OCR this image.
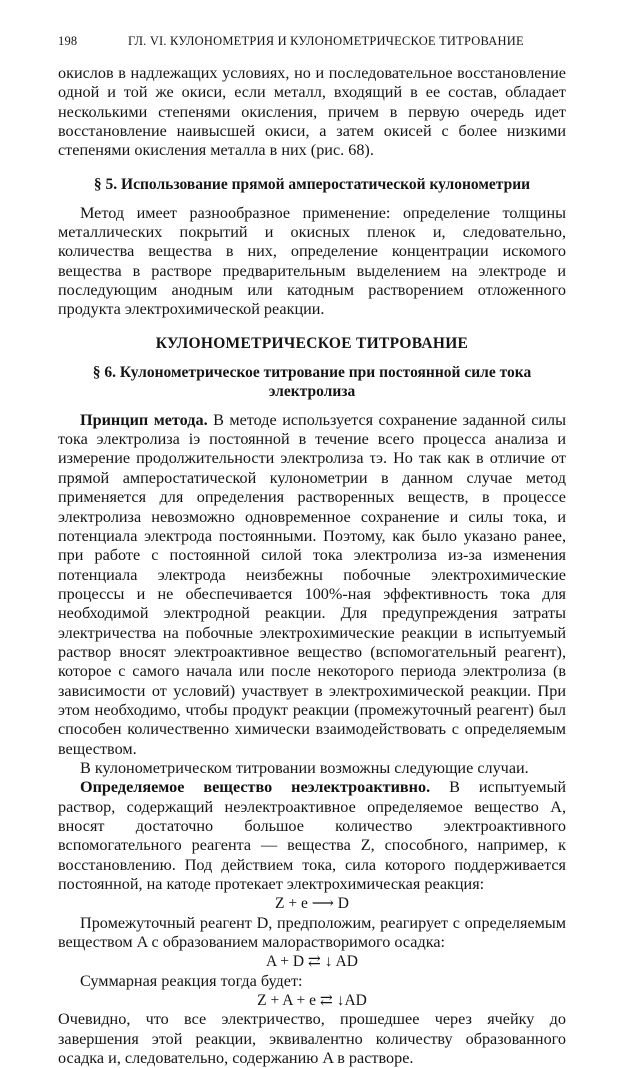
198	ГЛ. VI. КУЛОНОМЕТРИЯ И КУЛОНОМЕТРИЧЕСКОЕ ТИТРОВАНИЕ

окислов в надлежащих условиях, но и последовательное восстановление одной и той же окиси, если металл, входящий в ее состав, обладает несколькими степенями окисления, причем в первую очередь идет восстановление наивысшей окиси, а затем окисей с более низкими степенями окисления металла в них (рис. 68).

§ 5. Использование прямой амперостатической кулонометрии

Метод имеет разнообразное применение: определение толщины металлических покрытий и окисных пленок и, следовательно, количества вещества в них, определение концентрации искомого вещества в растворе предварительным выделением на электроде и последующим анодным или катодным растворением отложенного продукта электрохимической реакции.

КУЛОНОМЕТРИЧЕСКОЕ ТИТРОВАНИЕ

§ 6. Кулонометрическое титрование при постоянной силе тока электролиза

Принцип метода. В методе используется сохранение заданной силы тока электролиза iэ постоянной в течение всего процесса анализа и измерение продолжительности электролиза τэ. Но так как в отличие от прямой амперостатической кулонометрии в данном случае метод применяется для определения растворенных веществ, в процессе электролиза невозможно одновременное сохранение и силы тока, и потенциала электрода постоянными. Поэтому, как было указано ранее, при работе с постоянной силой тока электролиза из-за изменения потенциала электрода неизбежны побочные электрохимические процессы и не обеспечивается 100%-ная эффективность тока для необходимой электродной реакции. Для предупреждения затраты электричества на побочные электрохимические реакции в испытуемый раствор вносят электроактивное вещество (вспомогательный реагент), которое с самого начала или после некоторого периода электролиза (в зависимости от условий) участвует в электрохимической реакции. При этом необходимо, чтобы продукт реакции (промежуточный реагент) был способен количественно химически взаимодействовать с определяемым веществом.

В кулонометрическом титровании возможны следующие случаи.

Определяемое вещество неэлектроактивно. В испытуемый раствор, содержащий неэлектроактивное определяемое вещество A, вносят достаточно большое количество электроактивного вспомогательного реагента — вещества Z, способного, например, к восстановлению. Под действием тока, сила которого поддерживается постоянной, на катоде протекает электрохимическая реакция:

Z + e ⟶ D

Промежуточный реагент D, предположим, реагирует с определяемым веществом A с образованием малорастворимого осадка:

A + D ⇄ ↓ AD

Суммарная реакция тогда будет:

Z + A + e ⇄ ↓AD

Очевидно, что все электричество, прошедшее через ячейку до завершения этой реакции, эквивалентно количеству образованного осадка и, следовательно, содержанию A в растворе.
